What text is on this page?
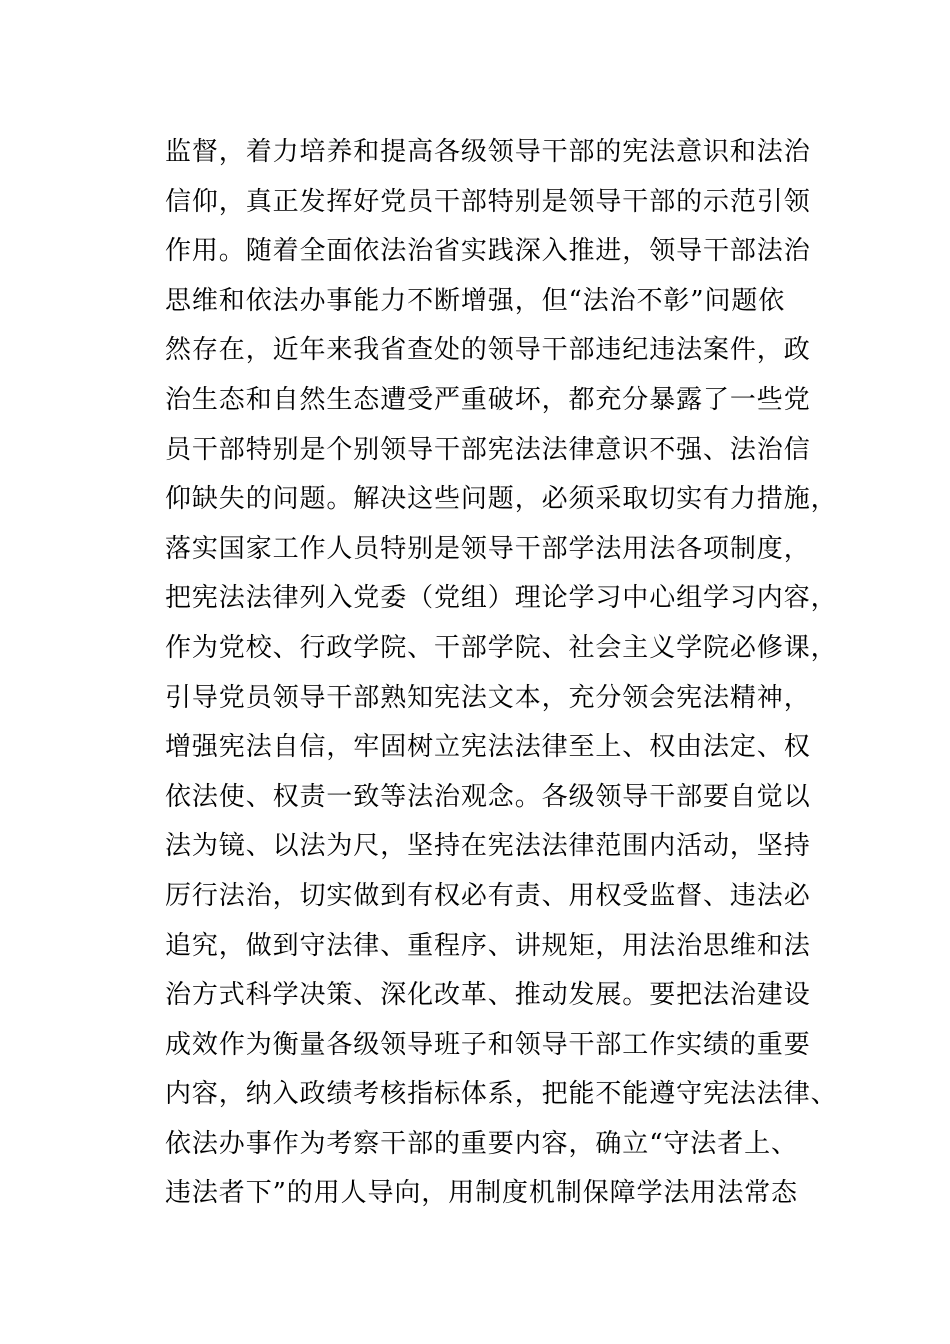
监督，着力培养和提高各级领导干部的宪法意识和法治
信仰，真正发挥好党员干部特别是领导干部的示范引领
作用。随着全面依法治省实践深入推进，领导干部法治
思维和依法办事能力不断增强，但“法治不彰”问题依
然存在，近年来我省查处的领导干部违纪违法案件，政
治生态和自然生态遭受严重破坏，都充分暴露了一些党
员干部特别是个别领导干部宪法法律意识不强、法治信
仰缺失的问题。解决这些问题，必须采取切实有力措施，
落实国家工作人员特别是领导干部学法用法各项制度，
把宪法法律列入党委（党组）理论学习中心组学习内容，
作为党校、行政学院、干部学院、社会主义学院必修课，
引导党员领导干部熟知宪法文本，充分领会宪法精神，
增强宪法自信，牢固树立宪法法律至上、权由法定、权
依法使、权责一致等法治观念。各级领导干部要自觉以
法为镜、以法为尺，坚持在宪法法律范围内活动，坚持
厉行法治，切实做到有权必有责、用权受监督、违法必
追究，做到守法律、重程序、讲规矩，用法治思维和法
治方式科学决策、深化改革、推动发展。要把法治建设
成效作为衡量各级领导班子和领导干部工作实绩的重要
内容，纳入政绩考核指标体系，把能不能遵守宪法法律、
依法办事作为考察干部的重要内容，确立“守法者上、
违法者下”的用人导向，用制度机制保障学法用法常态
